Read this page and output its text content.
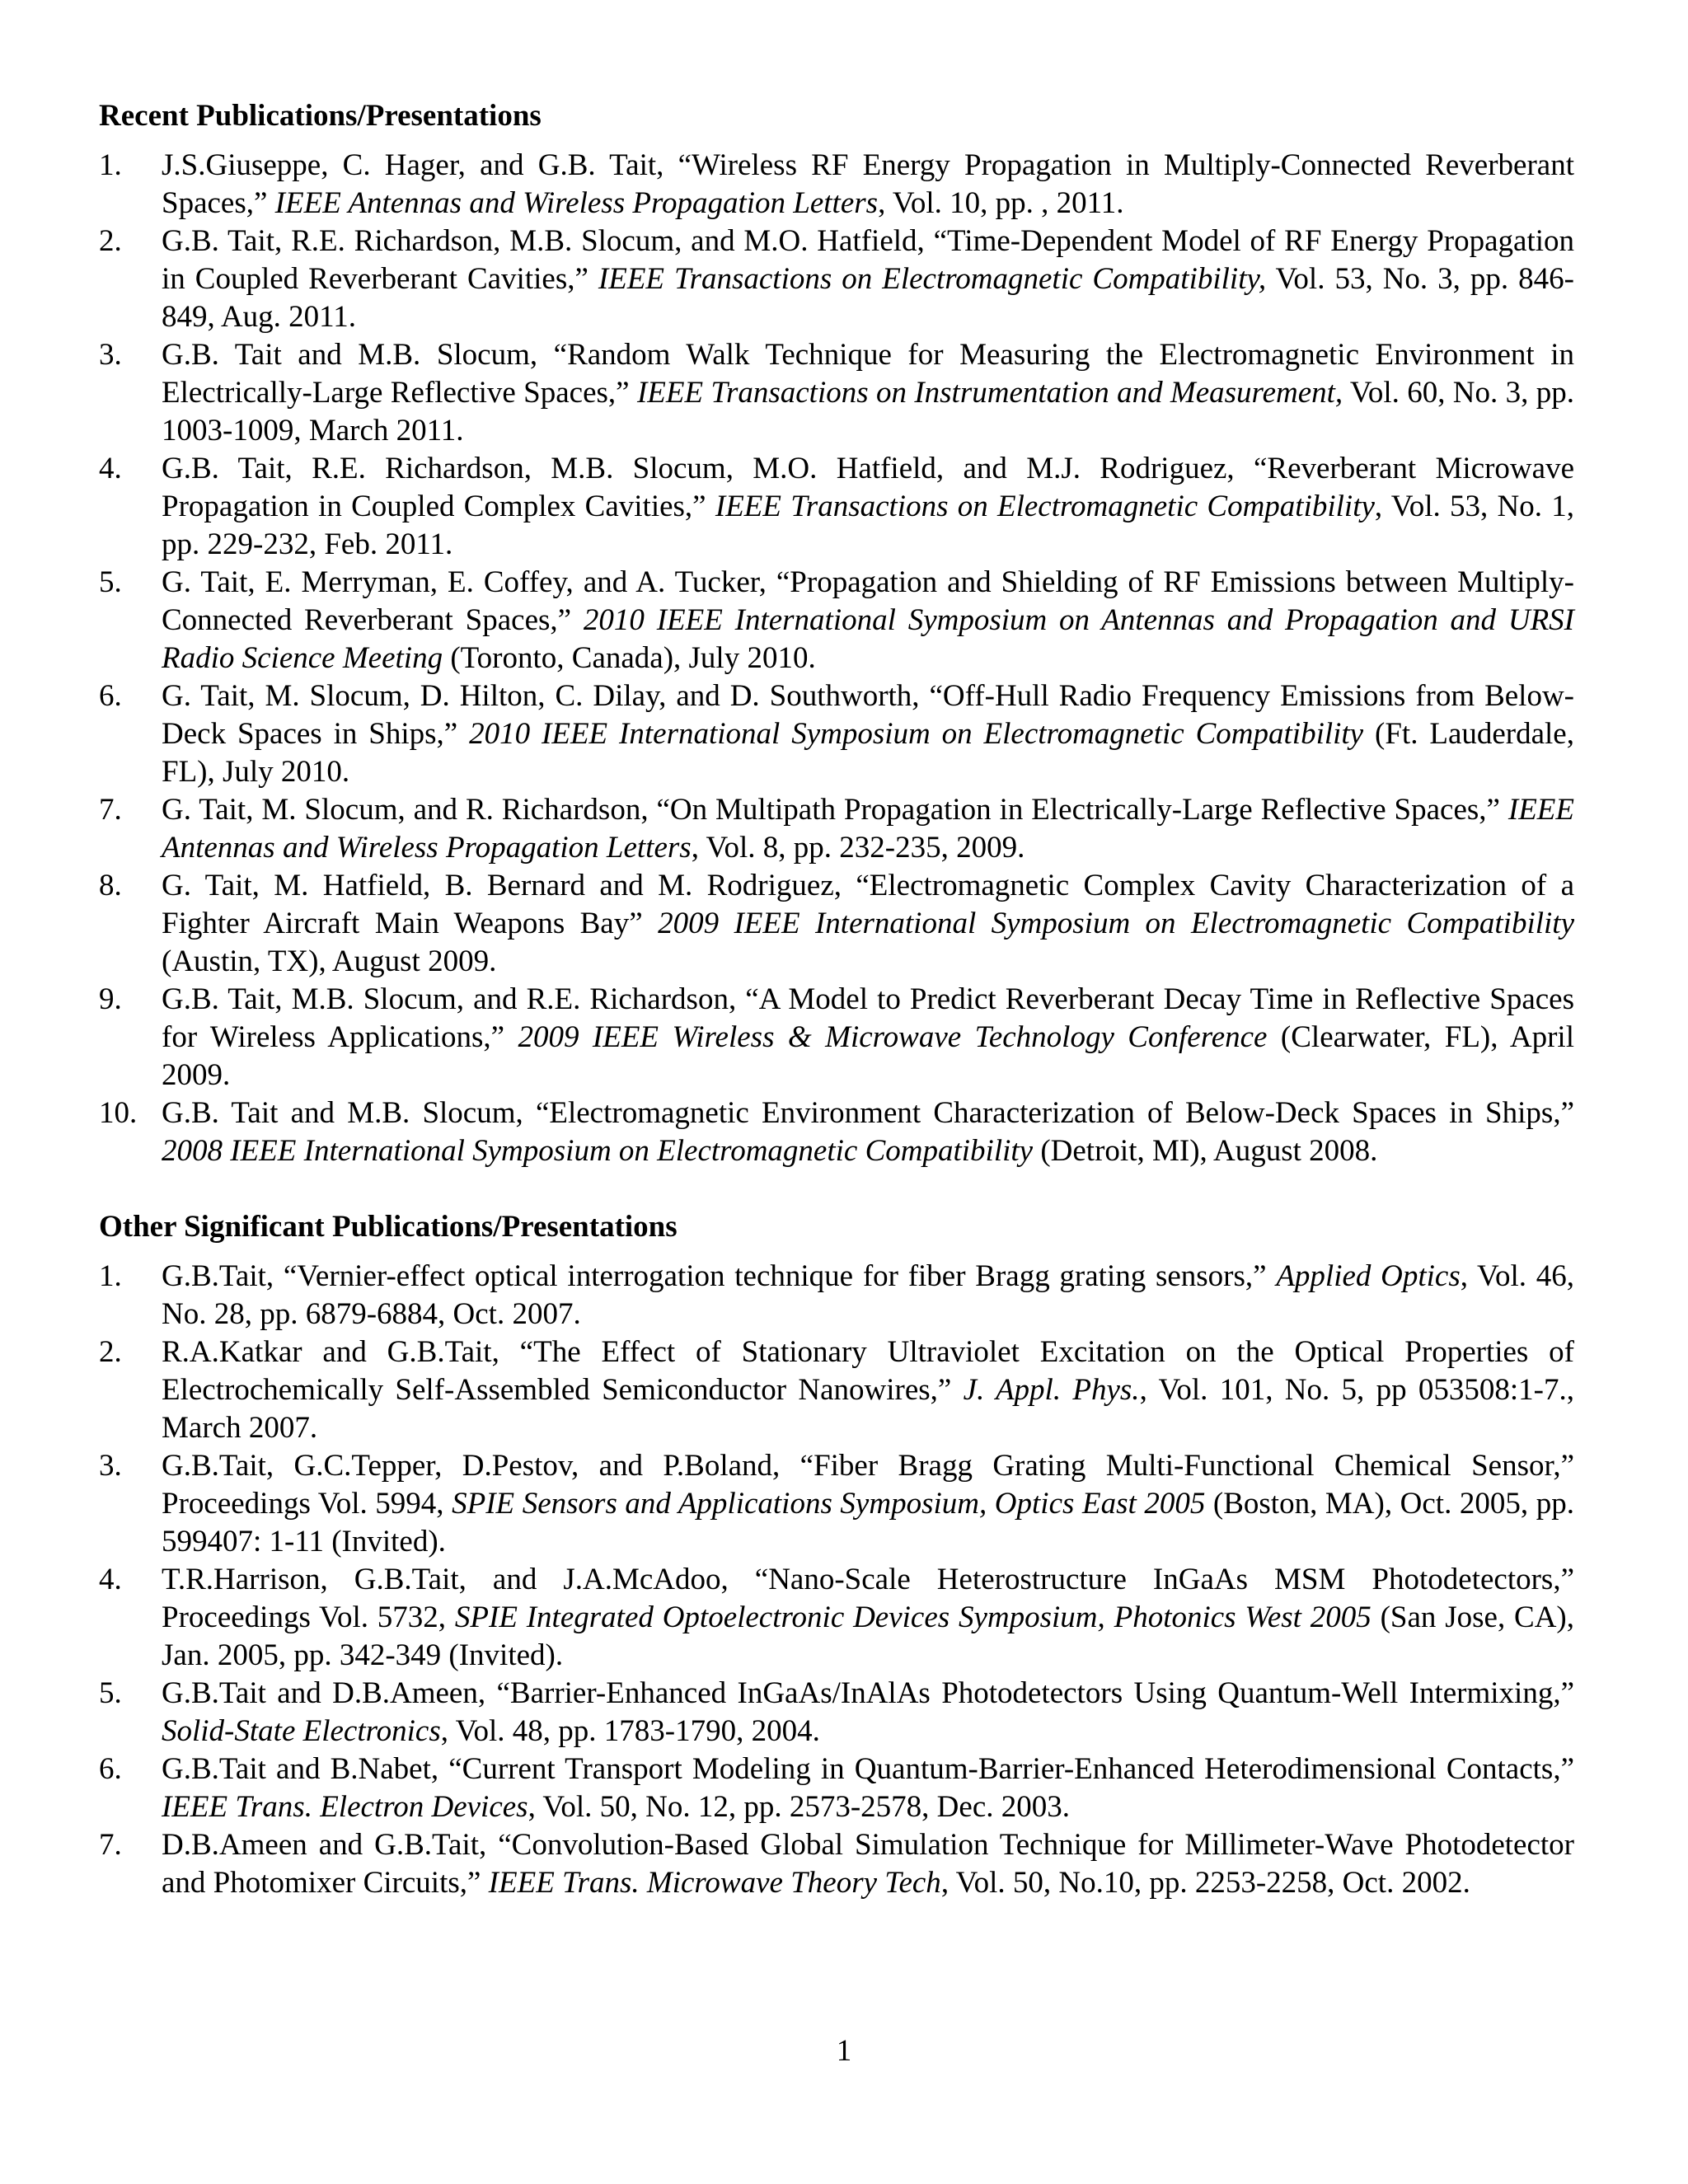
Recent Publications/Presentations
1.	J.S.Giuseppe, C. Hager, and G.B. Tait, “Wireless RF Energy Propagation in Multiply-Connected Reverberant Spaces,” IEEE Antennas and Wireless Propagation Letters, Vol. 10, pp. , 2011.
2.	G.B. Tait, R.E. Richardson, M.B. Slocum, and M.O. Hatfield, “Time-Dependent Model of RF Energy Propagation in Coupled Reverberant Cavities,” IEEE Transactions on Electromagnetic Compatibility, Vol. 53, No. 3, pp. 846-849, Aug. 2011.
3.	G.B. Tait and M.B. Slocum, “Random Walk Technique for Measuring the Electromagnetic Environment in Electrically-Large Reflective Spaces,” IEEE Transactions on Instrumentation and Measurement, Vol. 60, No. 3, pp. 1003-1009, March 2011.
4.	G.B. Tait, R.E. Richardson, M.B. Slocum, M.O. Hatfield, and M.J. Rodriguez, “Reverberant Microwave Propagation in Coupled Complex Cavities,” IEEE Transactions on Electromagnetic Compatibility, Vol. 53, No. 1, pp. 229-232, Feb. 2011.
5.	G. Tait, E. Merryman, E. Coffey, and A. Tucker, “Propagation and Shielding of RF Emissions between Multiply-Connected Reverberant Spaces,” 2010 IEEE International Symposium on Antennas and Propagation and URSI Radio Science Meeting (Toronto, Canada), July 2010.
6.	G. Tait, M. Slocum, D. Hilton, C. Dilay, and D. Southworth, “Off-Hull Radio Frequency Emissions from Below-Deck Spaces in Ships,” 2010 IEEE International Symposium on Electromagnetic Compatibility (Ft. Lauderdale, FL), July 2010.
7.	G. Tait, M. Slocum, and R. Richardson, “On Multipath Propagation in Electrically-Large Reflective Spaces,” IEEE Antennas and Wireless Propagation Letters, Vol. 8, pp. 232-235, 2009.
8.	G. Tait, M. Hatfield, B. Bernard and M. Rodriguez, “Electromagnetic Complex Cavity Characterization of a Fighter Aircraft Main Weapons Bay” 2009 IEEE International Symposium on Electromagnetic Compatibility (Austin, TX), August 2009.
9.	G.B. Tait, M.B. Slocum, and R.E. Richardson, “A Model to Predict Reverberant Decay Time in Reflective Spaces for Wireless Applications,” 2009 IEEE Wireless & Microwave Technology Conference (Clearwater, FL), April 2009.
10. G.B. Tait and M.B. Slocum, “Electromagnetic Environment Characterization of Below-Deck Spaces in Ships,” 2008 IEEE International Symposium on Electromagnetic Compatibility (Detroit, MI), August 2008.
Other Significant Publications/Presentations
1.	G.B.Tait, “Vernier-effect optical interrogation technique for fiber Bragg grating sensors,” Applied Optics, Vol. 46, No. 28, pp. 6879-6884, Oct. 2007.
2.	R.A.Katkar and G.B.Tait, “The Effect of Stationary Ultraviolet Excitation on the Optical Properties of Electrochemically Self-Assembled Semiconductor Nanowires,” J. Appl. Phys., Vol. 101, No. 5, pp 053508:1-7., March 2007.
3.	G.B.Tait, G.C.Tepper, D.Pestov, and P.Boland, “Fiber Bragg Grating Multi-Functional Chemical Sensor,” Proceedings Vol. 5994, SPIE Sensors and Applications Symposium, Optics East 2005 (Boston, MA), Oct. 2005, pp. 599407: 1-11 (Invited).
4.	T.R.Harrison, G.B.Tait, and J.A.McAdoo, “Nano-Scale Heterostructure InGaAs MSM Photodetectors,” Proceedings Vol. 5732, SPIE Integrated Optoelectronic Devices Symposium, Photonics West 2005 (San Jose, CA), Jan. 2005, pp. 342-349 (Invited).
5.	G.B.Tait and D.B.Ameen, “Barrier-Enhanced InGaAs/InAlAs Photodetectors Using Quantum-Well Intermixing,” Solid-State Electronics, Vol. 48, pp. 1783-1790, 2004.
6.	G.B.Tait and B.Nabet, “Current Transport Modeling in Quantum-Barrier-Enhanced Heterodimensional Contacts,” IEEE Trans. Electron Devices, Vol. 50, No. 12, pp. 2573-2578, Dec. 2003.
7.	D.B.Ameen and G.B.Tait, “Convolution-Based Global Simulation Technique for Millimeter-Wave Photodetector and Photomixer Circuits,” IEEE Trans. Microwave Theory Tech, Vol. 50, No.10, pp. 2253-2258, Oct. 2002.
1
